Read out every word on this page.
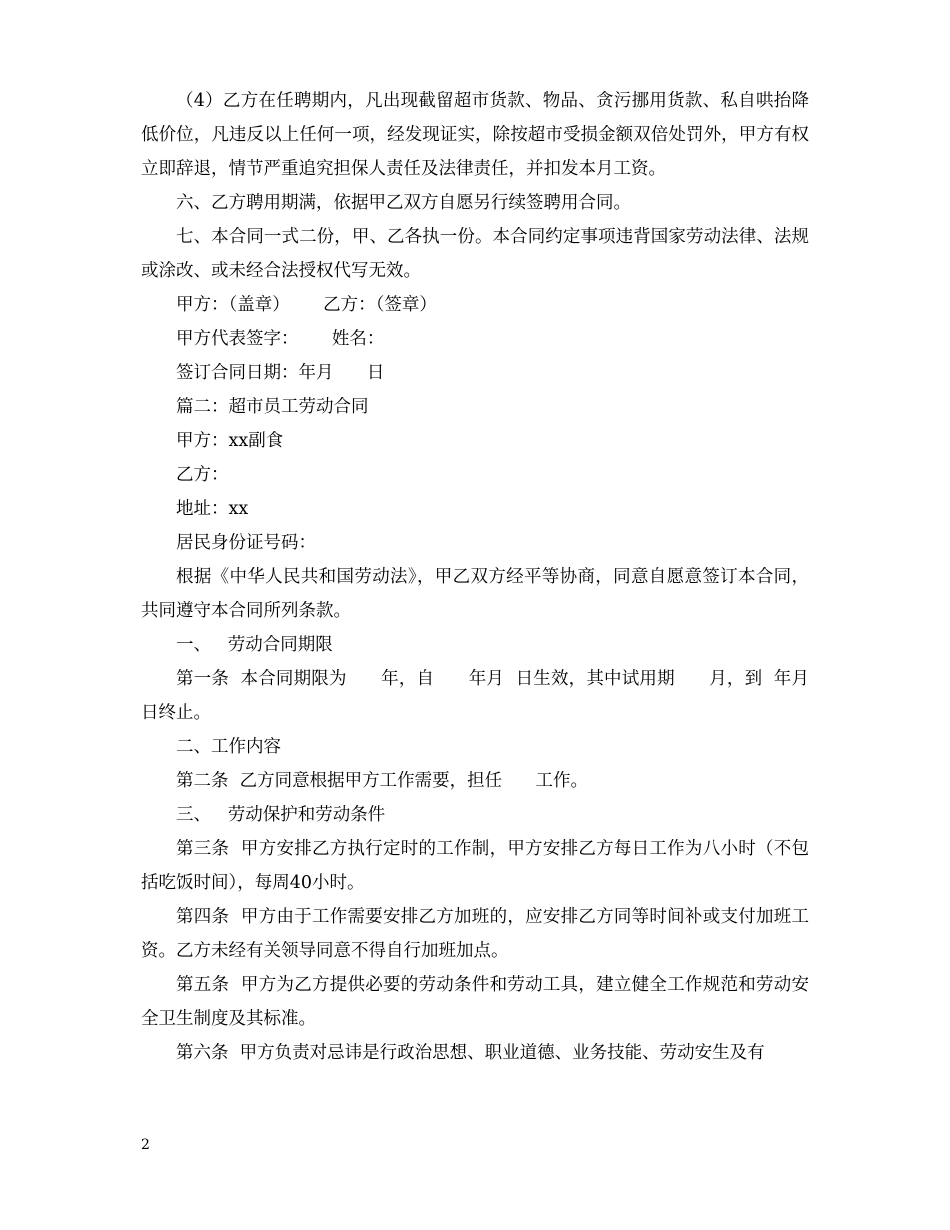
（4）乙方在任聘期内，凡出现截留超市货款、物品、贪污挪用货款、私自哄抬降低价位，凡违反以上任何一项，经发现证实，除按超市受损金额双倍处罚外，甲方有权立即辞退，情节严重追究担保人责任及法律责任，并扣发本月工资。

六、乙方聘用期满，依据甲乙双方自愿另行续签聘用合同。

七、本合同一式二份，甲、乙各执一份。本合同约定事项违背国家劳动法律、法规或涂改、或未经合法授权代写无效。

甲方：（盖章）      乙方：（签章）

甲方代表签字：      姓名：

签订合同日期：年月      日

篇二：超市员工劳动合同

甲方：xx副食

乙方：

地址：xx

居民身份证号码：

根据《中华人民共和国劳动法》，甲乙双方经平等协商，同意自愿意签订本合同，共同遵守本合同所列条款。

一、   劳动合同期限

第一条  本合同期限为      年，自      年月  日生效，其中试用期      月，到  年月日终止。

二、工作内容

第二条  乙方同意根据甲方工作需要，担任      工作。

三、   劳动保护和劳动条件

第三条  甲方安排乙方执行定时的工作制，甲方安排乙方每日工作为八小时（不包括吃饭时间），每周40小时。

第四条  甲方由于工作需要安排乙方加班的，应安排乙方同等时间补或支付加班工资。乙方未经有关领导同意不得自行加班加点。

第五条  甲方为乙方提供必要的劳动条件和劳动工具，建立健全工作规范和劳动安全卫生制度及其标准。

第六条  甲方负责对忌讳是行政治思想、职业道德、业务技能、劳动安生及有

2
